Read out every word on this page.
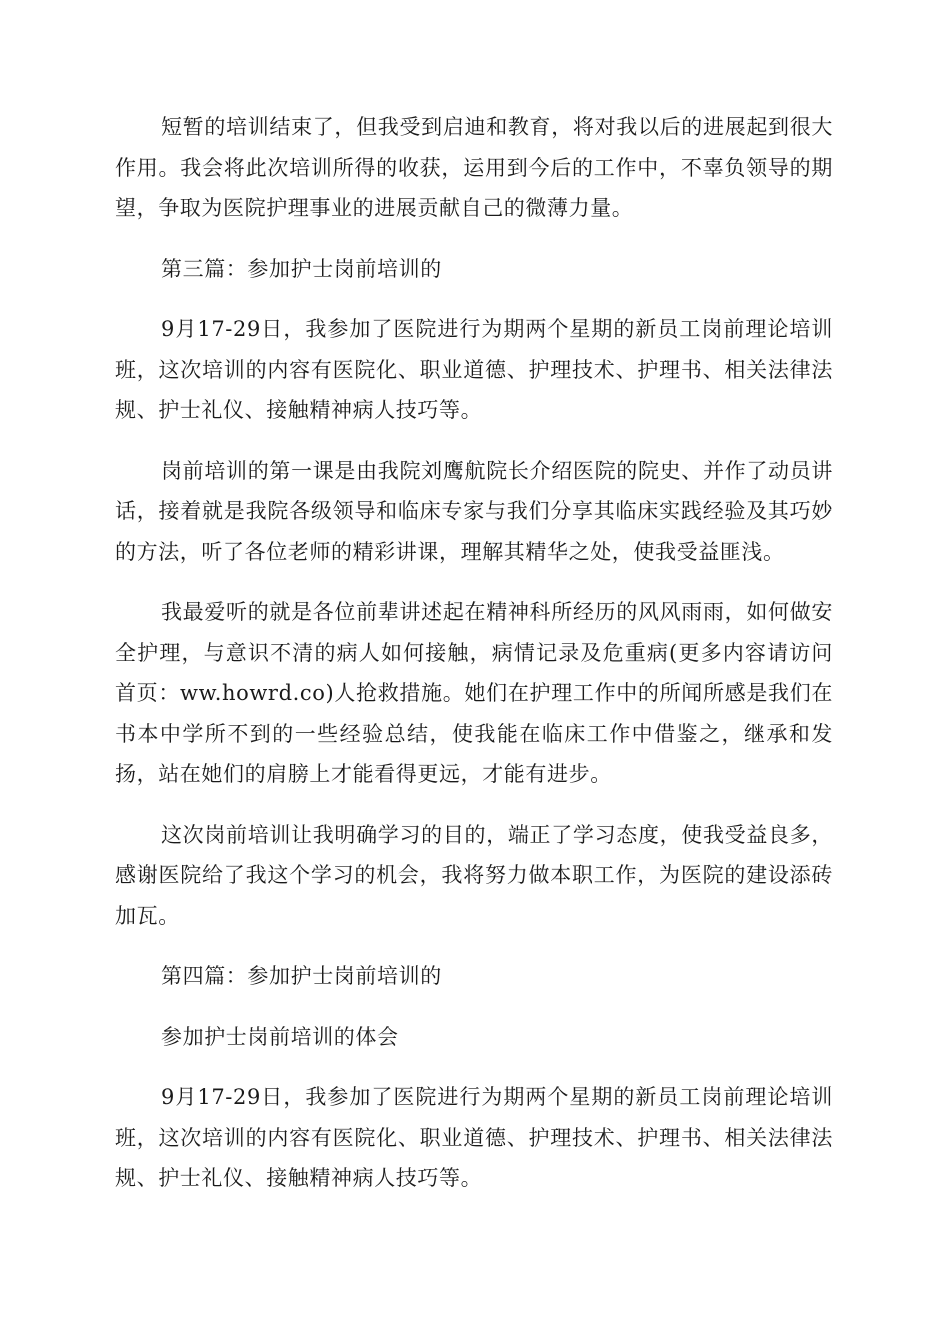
短暂的培训结束了，但我受到启迪和教育，将对我以后的进展起到很大作用。我会将此次培训所得的收获，运用到今后的工作中，不辜负领导的期望，争取为医院护理事业的进展贡献自己的微薄力量。

第三篇：参加护士岗前培训的

9月17-29日，我参加了医院进行为期两个星期的新员工岗前理论培训班，这次培训的内容有医院化、职业道德、护理技术、护理书、相关法律法规、护士礼仪、接触精神病人技巧等。

岗前培训的第一课是由我院刘鹰航院长介绍医院的院史、并作了动员讲话，接着就是我院各级领导和临床专家与我们分享其临床实践经验及其巧妙的方法，听了各位老师的精彩讲课，理解其精华之处，使我受益匪浅。

我最爱听的就是各位前辈讲述起在精神科所经历的风风雨雨，如何做安全护理，与意识不清的病人如何接触，病情记录及危重病(更多内容请访问首页：ww.howrd.co)人抢救措施。她们在护理工作中的所闻所感是我们在书本中学所不到的一些经验总结，使我能在临床工作中借鉴之，继承和发扬，站在她们的肩膀上才能看得更远，才能有进步。

这次岗前培训让我明确学习的目的，端正了学习态度，使我受益良多，感谢医院给了我这个学习的机会，我将努力做本职工作，为医院的建设添砖加瓦。

第四篇：参加护士岗前培训的

参加护士岗前培训的体会

9月17-29日，我参加了医院进行为期两个星期的新员工岗前理论培训班，这次培训的内容有医院化、职业道德、护理技术、护理书、相关法律法规、护士礼仪、接触精神病人技巧等。
